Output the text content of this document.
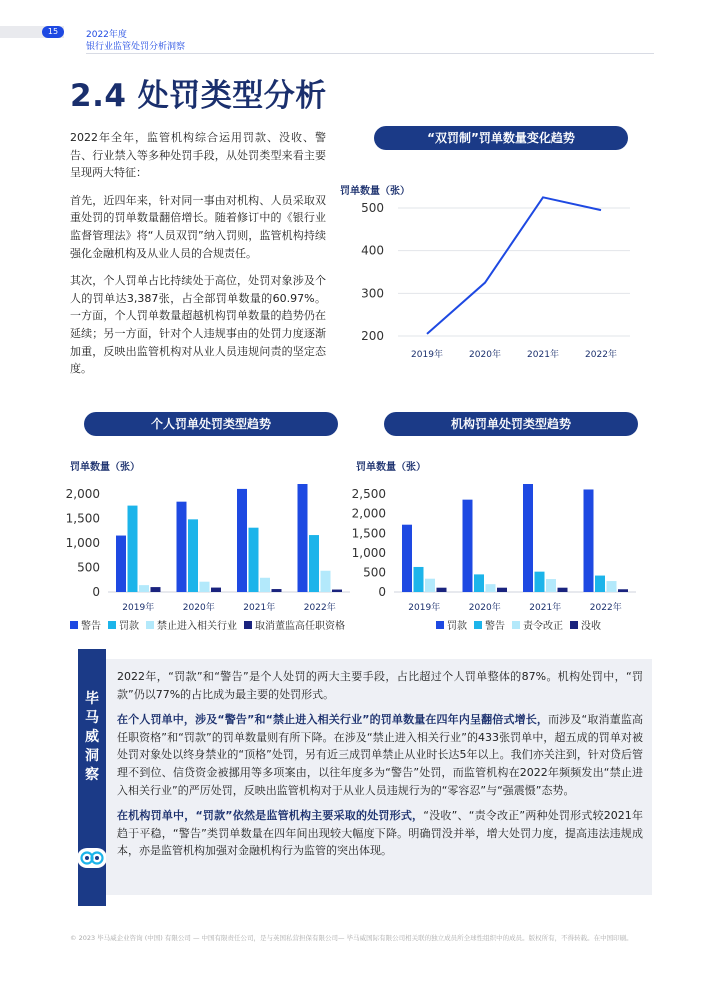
15	2022年度
银行业监管处罚分析洞察
2.4 处罚类型分析

2022年全年，监管机构综合运用罚款、没收、警告、行业禁入等多种处罚手段，从处罚类型来看主要呈现两大特征：

首先，近四年来，针对同一事由对机构、人员采取双重处罚的罚单数量翻倍增长。随着修订中的《银行业监督管理法》将“人员双罚”纳入罚则，监管机构持续强化金融机构及从业人员的合规责任。

其次，个人罚单占比持续处于高位，处罚对象涉及个人的罚单达3,387张，占全部罚单数量的60.97%。一方面，个人罚单数量超越机构罚单数量的趋势仍在延续；另一方面，针对个人违规事由的处罚力度逐渐加重，反映出监管机构对从业人员违规问责的坚定态度。

“双罚制”罚单数量变化趋势
罚单数量（张）
200
300
400
500
2019年	2020年	2021年	2022年
个人罚单处罚类型趋势
罚单数量（张）
0
500
1,000
1,500
2,000
2019年	2020年	2021年	2022年
警告 罚款 禁止进入相关行业 取消董监高任职资格
机构罚单处罚类型趋势
罚单数量（张）
0
500
1,000
1,500
2,000
2,500
2019年	2020年	2021年	2022年
罚款 警告 责令改正 没收
毕
马
威
洞
察

2022年，“罚款”和“警告”是个人处罚的两大主要手段，占比超过个人罚单整体的87%。机构处罚中，“罚款”仍以77%的占比成为最主要的处罚形式。

在个人罚单中，涉及“警告”和“禁止进入相关行业”的罚单数量在四年内呈翻倍式增长，而涉及“取消董监高任职资格”和“罚款”的罚单数量则有所下降。在涉及“禁止进入相关行业”的433张罚单中，超五成的罚单对被处罚对象处以终身禁业的“顶格”处罚，另有近三成罚单禁止从业时长达5年以上。我们亦关注到，针对贷后管理不到位、信贷资金被挪用等多项案由，以往年度多为“警告”处罚，而监管机构在2022年频频发出“禁止进入相关行业”的严厉处罚，反映出监管机构对于从业人员违规行为的“零容忍”与“强震慑”态势。

在机构罚单中，“罚款”依然是监管机构主要采取的处罚形式，“没收”、“责令改正”两种处罚形式较2021年趋于平稳，“警告”类罚单数量在四年间出现较大幅度下降。明确罚没并举，增大处罚力度，提高违法违规成本，亦是监管机构加强对金融机构行为监管的突出体现。

© 2023 毕马威企业咨询 (中国) 有限公司 — 中国有限责任公司，是与英国私营担保有限公司— 毕马威国际有限公司相关联的独立成员所全球性组织中的成员。版权所有，不得转载。在中国印刷。
